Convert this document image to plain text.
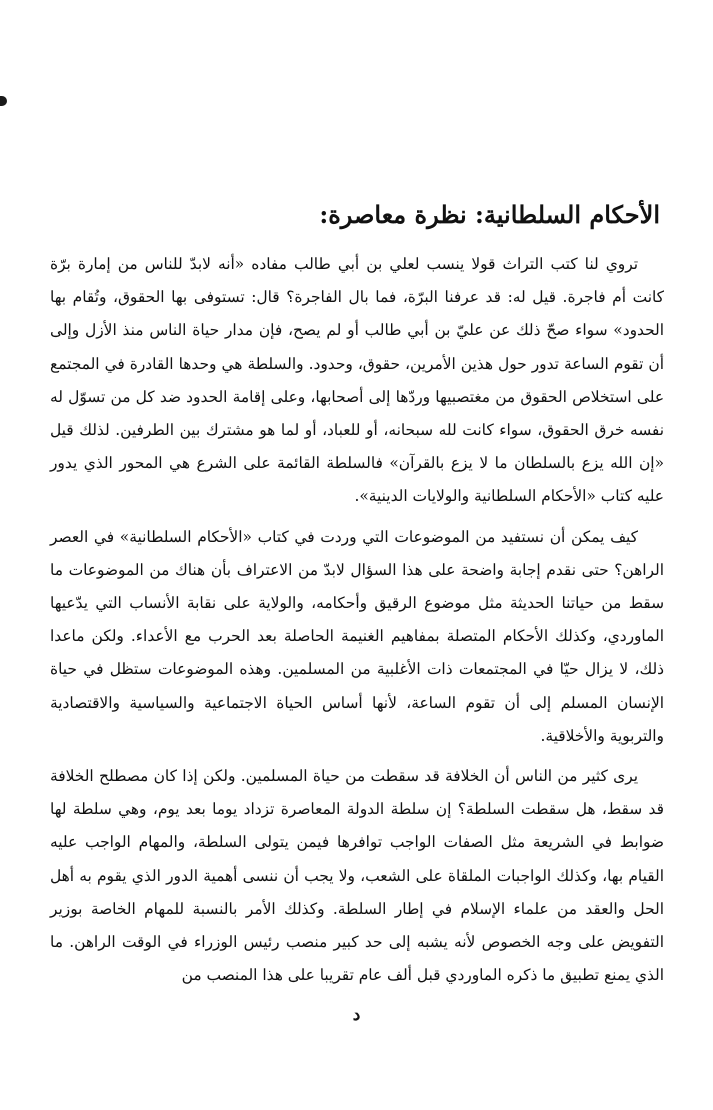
الأحكام السلطانية: نظرة معاصرة:

تروي لنا كتب التراث قولا ينسب لعلي بن أبي طالب مفاده «أنه لابدّ للناس من إمارة برّة كانت أم فاجرة. قيل له: قد عرفنا البرّة، فما بال الفاجرة؟ قال: تستوفى بها الحقوق، وتُقام بها الحدود» سواء صحّ ذلك عن عليّ بن أبي طالب أو لم يصح، فإن مدار حياة الناس منذ الأزل وإلى أن تقوم الساعة تدور حول هذين الأمرين، حقوق، وحدود. والسلطة هي وحدها القادرة في المجتمع على استخلاص الحقوق من مغتصبيها وردّها إلى أصحابها، وعلى إقامة الحدود ضد كل من تسوّل له نفسه خرق الحقوق، سواء كانت لله سبحانه، أو للعباد، أو لما هو مشترك بين الطرفين. لذلك قيل «إن الله يزع بالسلطان ما لا يزع بالقرآن» فالسلطة القائمة على الشرع هي المحور الذي يدور عليه كتاب «الأحكام السلطانية والولايات الدينية».

كيف يمكن أن نستفيد من الموضوعات التي وردت في كتاب «الأحكام السلطانية» في العصر الراهن؟ حتى نقدم إجابة واضحة على هذا السؤال لابدّ من الاعتراف بأن هناك من الموضوعات ما سقط من حياتنا الحديثة مثل موضوع الرقيق وأحكامه، والولاية على نقابة الأنساب التي يدّعيها الماوردي، وكذلك الأحكام المتصلة بمفاهيم الغنيمة الحاصلة بعد الحرب مع الأعداء. ولكن ماعدا ذلك، لا يزال حيّا في المجتمعات ذات الأغلبية من المسلمين. وهذه الموضوعات ستظل في حياة الإنسان المسلم إلى أن تقوم الساعة، لأنها أساس الحياة الاجتماعية والسياسية والاقتصادية والتربوية والأخلاقية.

يرى كثير من الناس أن الخلافة قد سقطت من حياة المسلمين. ولكن إذا كان مصطلح الخلافة قد سقط، هل سقطت السلطة؟ إن سلطة الدولة المعاصرة تزداد يوما بعد يوم، وهي سلطة لها ضوابط في الشريعة مثل الصفات الواجب توافرها فيمن يتولى السلطة، والمهام الواجب عليه القيام بها، وكذلك الواجبات الملقاة على الشعب، ولا يجب أن ننسى أهمية الدور الذي يقوم به أهل الحل والعقد من علماء الإسلام في إطار السلطة. وكذلك الأمر بالنسبة للمهام الخاصة بوزير التفويض على وجه الخصوص لأنه يشبه إلى حد كبير منصب رئيس الوزراء في الوقت الراهن. ما الذي يمنع تطبيق ما ذكره الماوردي قبل ألف عام تقريبا على هذا المنصب من

د
